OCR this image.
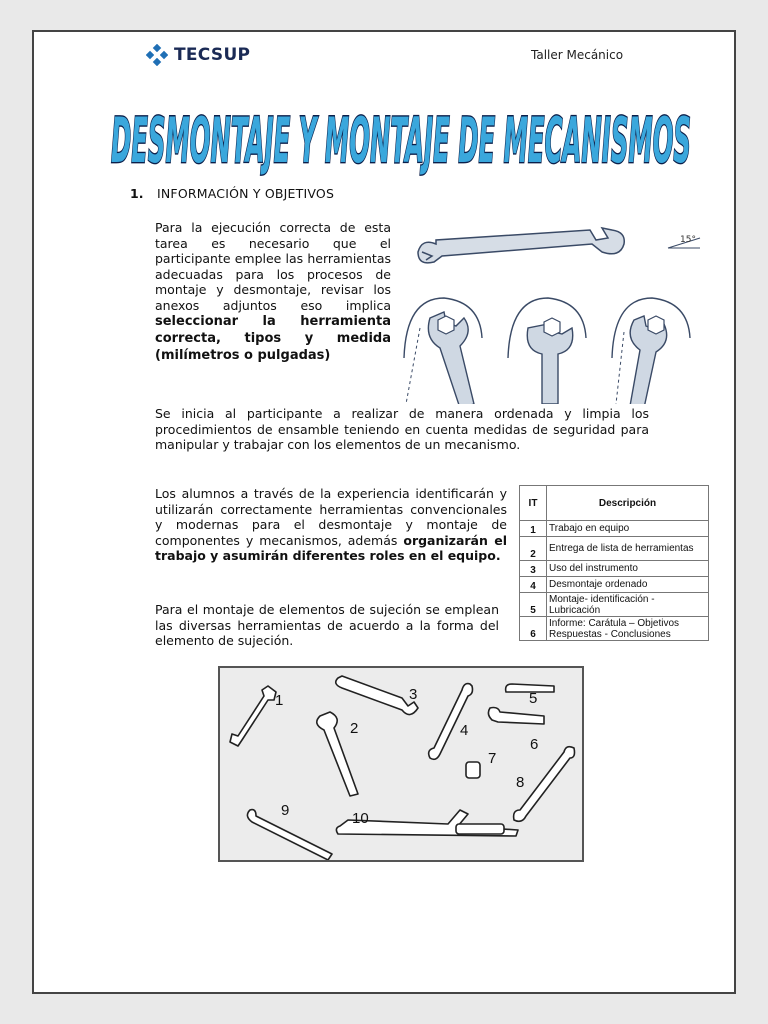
TECSUP	Taller Mecánico
DESMONTAJE Y MONTAJE DE MECANISMOS
1. INFORMACIÓN Y OBJETIVOS
Para la ejecución correcta de esta tarea es necesario que el participante emplee las herramientas adecuadas para los procesos de montaje y desmontaje, revisar los anexos adjuntos eso implica seleccionar la herramienta correcta, tipos y medida (milímetros o pulgadas)
15°
Se inicia al participante a realizar de manera ordenada y limpia los procedimientos de ensamble teniendo en cuenta medidas de seguridad para manipular y trabajar con los elementos de un mecanismo.
Los alumnos a través de la experiencia identificarán y utilizarán correctamente herramientas convencionales y modernas para el desmontaje y montaje de componentes y mecanismos, además organizarán el trabajo y asumirán diferentes roles en el equipo.
IT	Descripción
1	Trabajo en equipo
2	Entrega de lista de herramientas
3	Uso del instrumento
4	Desmontaje ordenado
5	Montaje- identificación - Lubricación
6	Informe: Carátula – Objetivos Respuestas - Conclusiones
Para el montaje de elementos de sujeción se emplean las diversas herramientas de acuerdo a la forma del elemento de sujeción.
1
2
3
4
5
6
7
8
9	10
